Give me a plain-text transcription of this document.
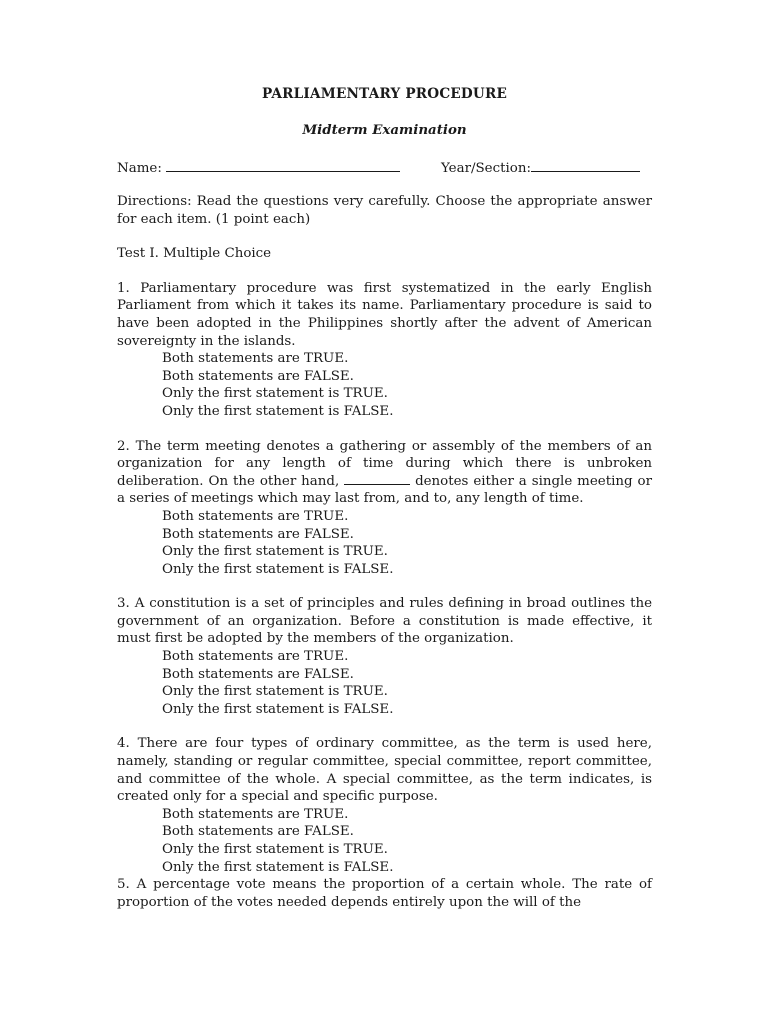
PARLIAMENTARY PROCEDURE
Midterm Examination
Name:	Year/Section:
Directions: Read the questions very carefully. Choose the appropriate answer for each item. (1 point each)
Test I. Multiple Choice
1. Parliamentary procedure was first systematized in the early English Parliament from which it takes its name. Parliamentary procedure is said to have been adopted in the Philippines shortly after the advent of American sovereignty in the islands.
Both statements are TRUE.
Both statements are FALSE.
Only the first statement is TRUE.
Only the first statement is FALSE.
2. The term meeting denotes a gathering or assembly of the members of an organization for any length of time during which there is unbroken deliberation. On the other hand,	denotes either a single meeting or a series of meetings which may last from, and to, any length of time.
Both statements are TRUE.
Both statements are FALSE.
Only the first statement is TRUE.
Only the first statement is FALSE.
3. A constitution is a set of principles and rules defining in broad outlines the government of an organization. Before a constitution is made effective, it must first be adopted by the members of the organization.
Both statements are TRUE.
Both statements are FALSE.
Only the first statement is TRUE.
Only the first statement is FALSE.
4. There are four types of ordinary committee, as the term is used here, namely, standing or regular committee, special committee, report committee, and committee of the whole. A special committee, as the term indicates, is created only for a special and specific purpose.
Both statements are TRUE.
Both statements are FALSE.
Only the first statement is TRUE.
Only the first statement is FALSE.
5. A percentage vote means the proportion of a certain whole. The rate of proportion of the votes needed depends entirely upon the will of the
